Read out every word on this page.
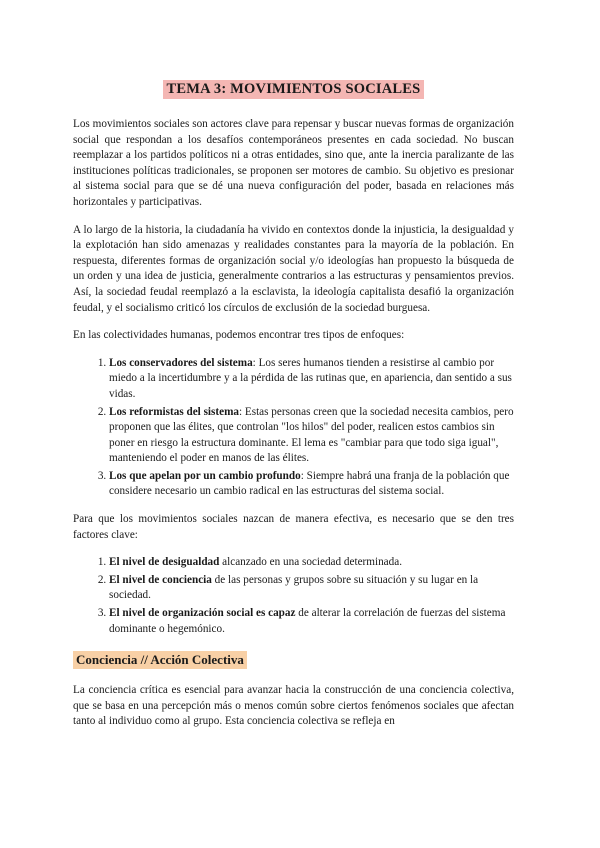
TEMA 3: MOVIMIENTOS SOCIALES

Los movimientos sociales son actores clave para repensar y buscar nuevas formas de organización social que respondan a los desafíos contemporáneos presentes en cada sociedad. No buscan reemplazar a los partidos políticos ni a otras entidades, sino que, ante la inercia paralizante de las instituciones políticas tradicionales, se proponen ser motores de cambio. Su objetivo es presionar al sistema social para que se dé una nueva configuración del poder, basada en relaciones más horizontales y participativas.

A lo largo de la historia, la ciudadanía ha vivido en contextos donde la injusticia, la desigualdad y la explotación han sido amenazas y realidades constantes para la mayoría de la población. En respuesta, diferentes formas de organización social y/o ideologías han propuesto la búsqueda de un orden y una idea de justicia, generalmente contrarios a las estructuras y pensamientos previos. Así, la sociedad feudal reemplazó a la esclavista, la ideología capitalista desafió la organización feudal, y el socialismo criticó los círculos de exclusión de la sociedad burguesa.

En las colectividades humanas, podemos encontrar tres tipos de enfoques:

1. Los conservadores del sistema: Los seres humanos tienden a resistirse al cambio por miedo a la incertidumbre y a la pérdida de las rutinas que, en apariencia, dan sentido a sus vidas.
2. Los reformistas del sistema: Estas personas creen que la sociedad necesita cambios, pero proponen que las élites, que controlan "los hilos" del poder, realicen estos cambios sin poner en riesgo la estructura dominante. El lema es "cambiar para que todo siga igual", manteniendo el poder en manos de las élites.
3. Los que apelan por un cambio profundo: Siempre habrá una franja de la población que considere necesario un cambio radical en las estructuras del sistema social.

Para que los movimientos sociales nazcan de manera efectiva, es necesario que se den tres factores clave:

1. El nivel de desigualdad alcanzado en una sociedad determinada.
2. El nivel de conciencia de las personas y grupos sobre su situación y su lugar en la sociedad.
3. El nivel de organización social es capaz de alterar la correlación de fuerzas del sistema dominante o hegemónico.
Conciencia // Acción Colectiva

La conciencia crítica es esencial para avanzar hacia la construcción de una conciencia colectiva, que se basa en una percepción más o menos común sobre ciertos fenómenos sociales que afectan tanto al individuo como al grupo. Esta conciencia colectiva se refleja en
